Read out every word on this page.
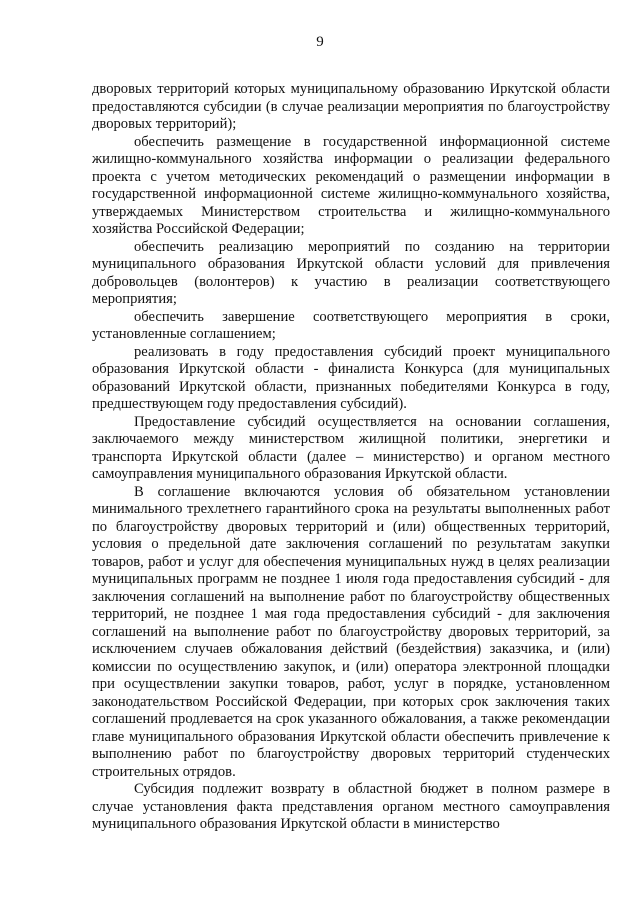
9

дворовых территорий которых муниципальному образованию Иркутской области предоставляются субсидии (в случае реализации мероприятия по благоустройству дворовых территорий);

обеспечить размещение в государственной информационной системе жилищно-коммунального хозяйства информации о реализации федерального проекта с учетом методических рекомендаций о размещении информации в государственной информационной системе жилищно-коммунального хозяйства, утверждаемых Министерством строительства и жилищно-коммунального хозяйства Российской Федерации;

обеспечить реализацию мероприятий по созданию на территории муниципального образования Иркутской области условий для привлечения добровольцев (волонтеров) к участию в реализации соответствующего мероприятия;

обеспечить завершение соответствующего мероприятия в сроки, установленные соглашением;

реализовать в году предоставления субсидий проект муниципального образования Иркутской области - финалиста Конкурса (для муниципальных образований Иркутской области, признанных победителями Конкурса в году, предшествующем году предоставления субсидий).

Предоставление субсидий осуществляется на основании соглашения, заключаемого между министерством жилищной политики, энергетики и транспорта Иркутской области (далее – министерство) и органом местного самоуправления муниципального образования Иркутской области.

В соглашение включаются условия об обязательном установлении минимального трехлетнего гарантийного срока на результаты выполненных работ по благоустройству дворовых территорий и (или) общественных территорий, условия о предельной дате заключения соглашений по результатам закупки товаров, работ и услуг для обеспечения муниципальных нужд в целях реализации муниципальных программ не позднее 1 июля года предоставления субсидий - для заключения соглашений на выполнение работ по благоустройству общественных территорий, не позднее 1 мая года предоставления субсидий - для заключения соглашений на выполнение работ по благоустройству дворовых территорий, за исключением случаев обжалования действий (бездействия) заказчика, и (или) комиссии по осуществлению закупок, и (или) оператора электронной площадки при осуществлении закупки товаров, работ, услуг в порядке, установленном законодательством Российской Федерации, при которых срок заключения таких соглашений продлевается на срок указанного обжалования, а также рекомендации главе муниципального образования Иркутской области обеспечить привлечение к выполнению работ по благоустройству дворовых территорий студенческих строительных отрядов.

Субсидия подлежит возврату в областной бюджет в полном размере в случае установления факта представления органом местного самоуправления муниципального образования Иркутской области в министерство
